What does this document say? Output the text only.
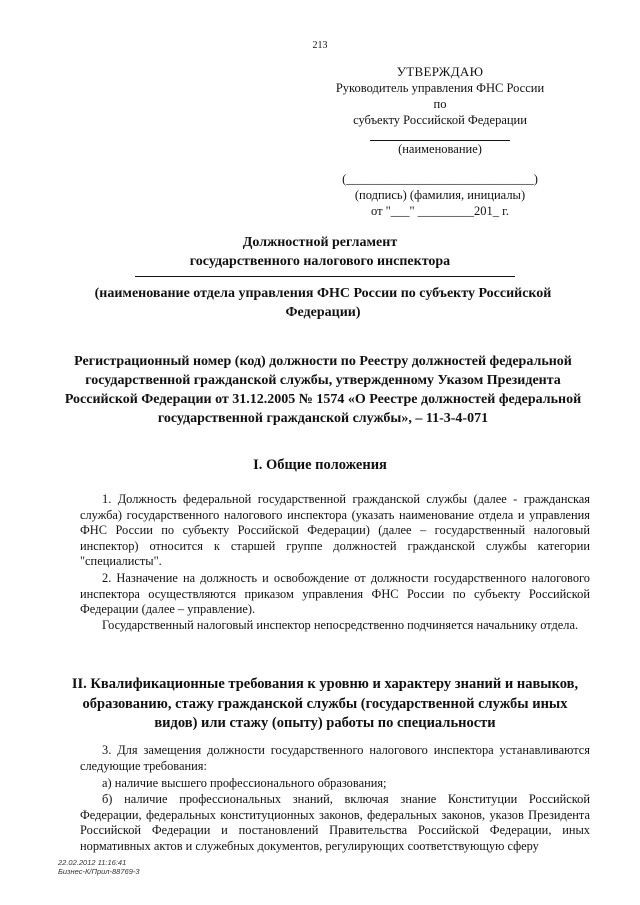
213
УТВЕРЖДАЮ
Руководитель управления ФНС России по
субъекту Российской Федерации
(наименование)
(______________________________)
(подпись) (фамилия, инициалы)
от "___" _________201_ г.
Должностной регламент
государственного налогового инспектора
(наименование отдела управления ФНС России по субъекту Российской Федерации)
Регистрационный номер (код) должности по Реестру должностей федеральной государственной гражданской службы, утвержденному Указом Президента Российской Федерации от 31.12.2005 № 1574 «О Реестре должностей федеральной государственной гражданской службы», – 11-3-4-071
I. Общие положения

1. Должность федеральной государственной гражданской службы (далее - гражданская служба) государственного налогового инспектора (указать наименование отдела и управления ФНС России по субъекту Российской Федерации) (далее – государственный налоговый инспектор) относится к старшей группе должностей гражданской службы категории "специалисты".

2. Назначение на должность и освобождение от должности государственного налогового инспектора осуществляются приказом управления ФНС России по субъекту Российской Федерации (далее – управление).

Государственный налоговый инспектор непосредственно подчиняется начальнику отдела.

II. Квалификационные требования к уровню и характеру знаний и навыков, образованию, стажу гражданской службы (государственной службы иных видов) или стажу (опыту) работы по специальности

3. Для замещения должности государственного налогового инспектора устанавливаются следующие требования:

а) наличие высшего профессионального образования;

б) наличие профессиональных знаний, включая знание Конституции Российской Федерации, федеральных конституционных законов, федеральных законов, указов Президента Российской Федерации и постановлений Правительства Российской Федерации, иных нормативных актов и служебных документов, регулирующих соответствующую сферу

22.02.2012 11:16:41
Бизнес-К/Прил-88769-3
